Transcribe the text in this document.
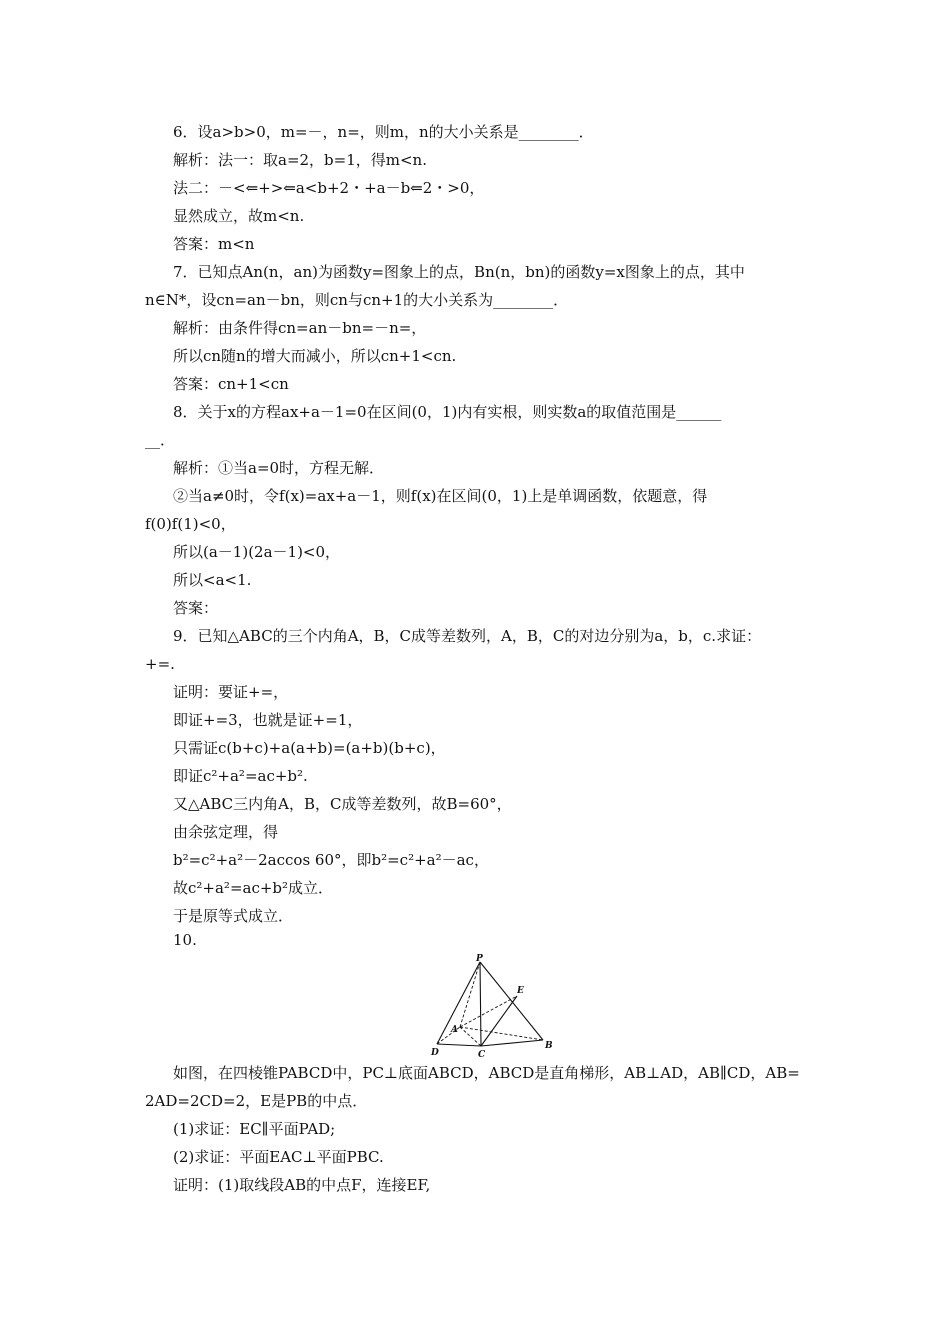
6．设a>b>0，m=－，n=，则m，n的大小关系是________．
解析：法一：取a=2，b=1，得m<n.
法二：－<⇐+>⇐a<b+2・+a－b⇐2・>0，
显然成立，故m<n.
答案：m<n
7．已知点An(n，an)为函数y=图象上的点，Bn(n，bn)的函数y=x图象上的点，其中
n∈N*，设cn=an－bn，则cn与cn+1的大小关系为________．
解析：由条件得cn=an－bn=－n=，
所以cn随n的增大而减小，所以cn+1<cn.
答案：cn+1<cn
8．关于x的方程ax+a－1=0在区间(0，1)内有实根，则实数a的取值范围是______
__．
解析：①当a=0时，方程无解．
②当a≠0时，令f(x)=ax+a－1，则f(x)在区间(0，1)上是单调函数，依题意，得
f(0)f(1)<0，
所以(a－1)(2a－1)<0，
所以<a<1.
答案：
9．已知△ABC的三个内角A，B，C成等差数列，A，B，C的对边分别为a，b，c.求证：
+=.
证明：要证+=，
即证+=3，也就是证+=1，
只需证c(b+c)+a(a+b)=(a+b)(b+c)，
即证c²+a²=ac+b².
又△ABC三内角A，B，C成等差数列，故B=60°，
由余弦定理，得
b²=c²+a²－2accos 60°，即b²=c²+a²－ac，
故c²+a²=ac+b²成立．
于是原等式成立．
10.
P
E
A
B
D	C
如图，在四棱锥PABCD中，PC⊥底面ABCD，ABCD是直角梯形，AB⊥AD，AB∥CD，AB=
2AD=2CD=2，E是PB的中点．
(1)求证：EC∥平面PAD;
(2)求证：平面EAC⊥平面PBC.
证明：(1)取线段AB的中点F，连接EF,
